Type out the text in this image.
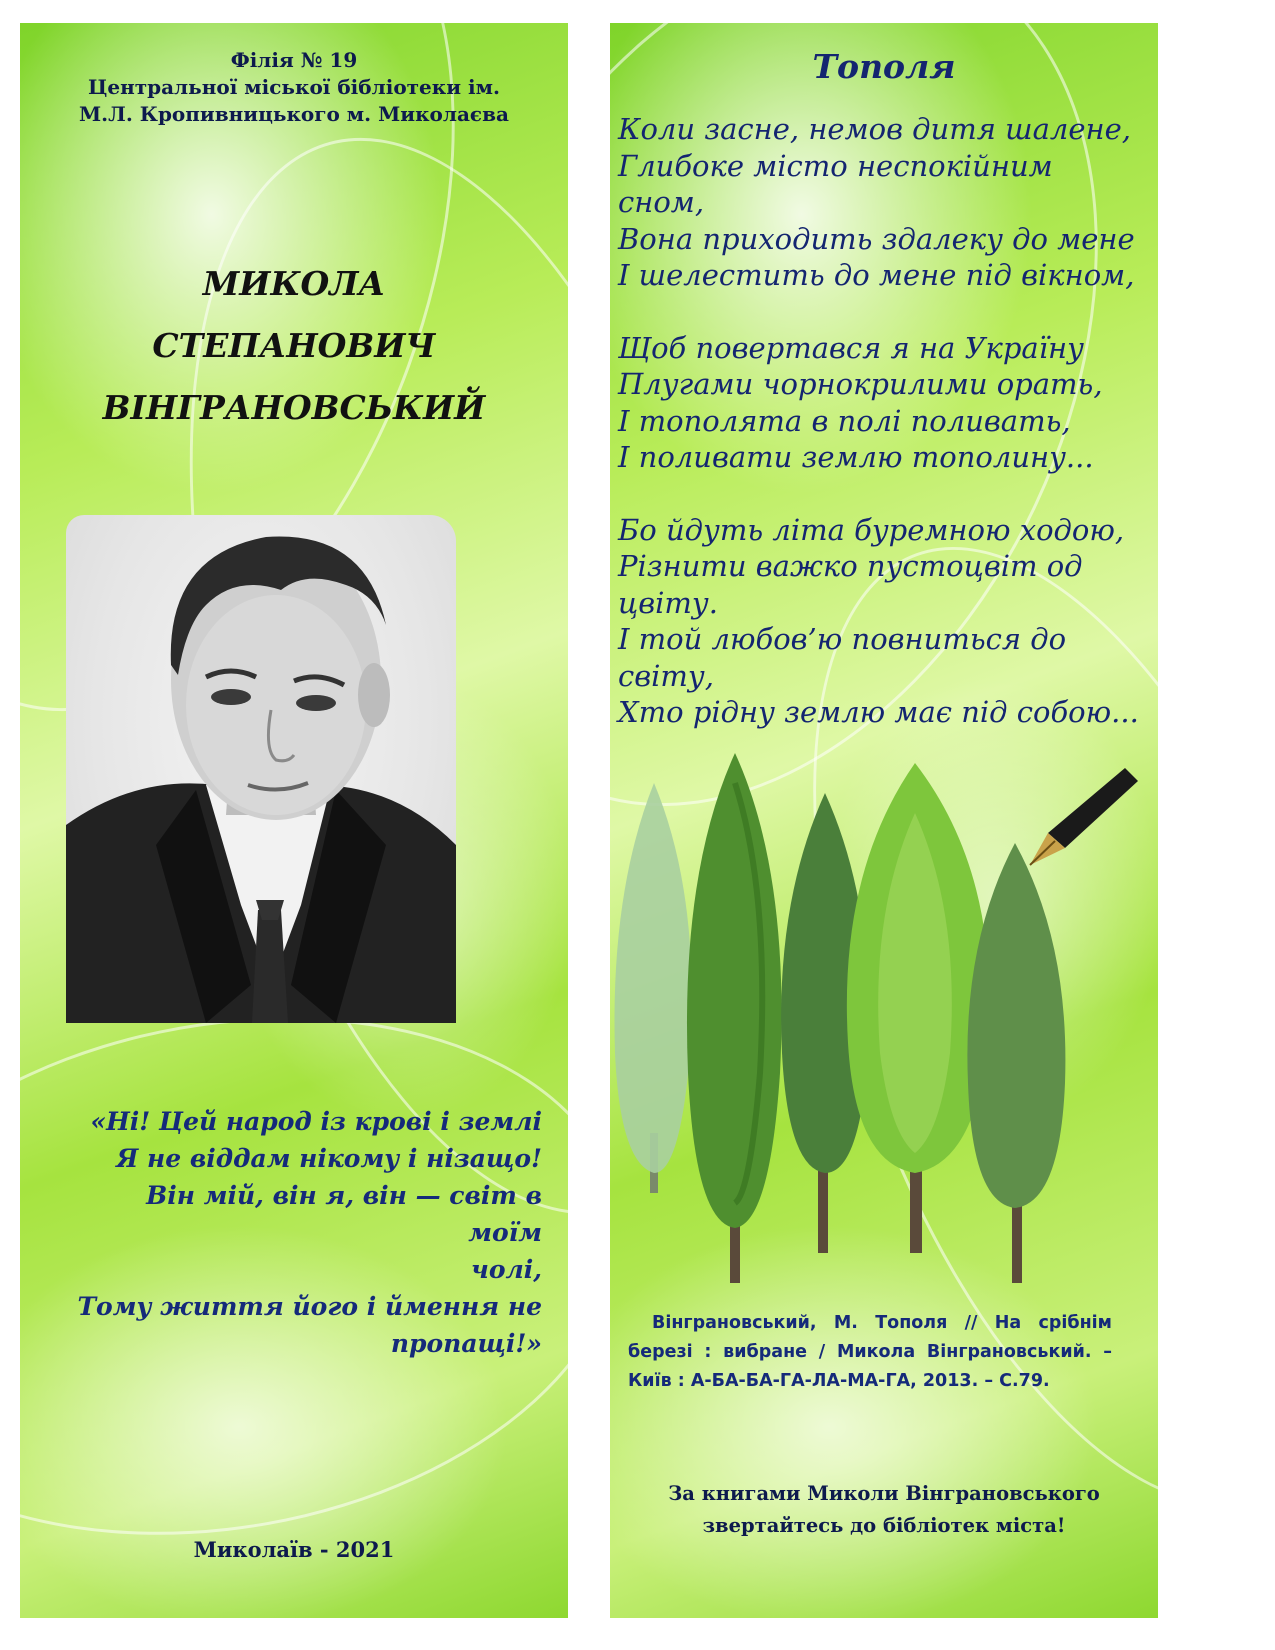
Філія № 19
Центральної міської бібліотеки ім.
М.Л. Кропивницького м. Миколаєва
МИКОЛА
СТЕПАНОВИЧ
ВІНГРАНОВСЬКИЙ
«Ні! Цей народ із крові і землі
Я не віддам нікому і нізащо!
Він мій, він я, він — світ в моїм
чолі,
Тому життя його і ймення не
пропащі!»
Миколаїв - 2021
Тополя
Коли засне, немов дитя шалене,
Глибоке місто неспокійним
сном,
Вона приходить здалеку до мене
І шелестить до мене під вікном,
Щоб повертався я на Україну
Плугами чорнокрилими орать,
І тополята в полі поливать,
І поливати землю тополину...
Бо йдуть літа буремною ходою,
Різнити важко пустоцвіт од
цвіту.
І той любов’ю повниться до
світу,
Хто рідну землю має під собою...
Вінграновський, М. Тополя // На срібнім березі : вибране / Микола Вінграновський. – Київ : А-БА-БА-ГА-ЛА-МА-ГА, 2013. – С.79.
За книгами Миколи Вінграновського
звертайтесь до бібліотек міста!
